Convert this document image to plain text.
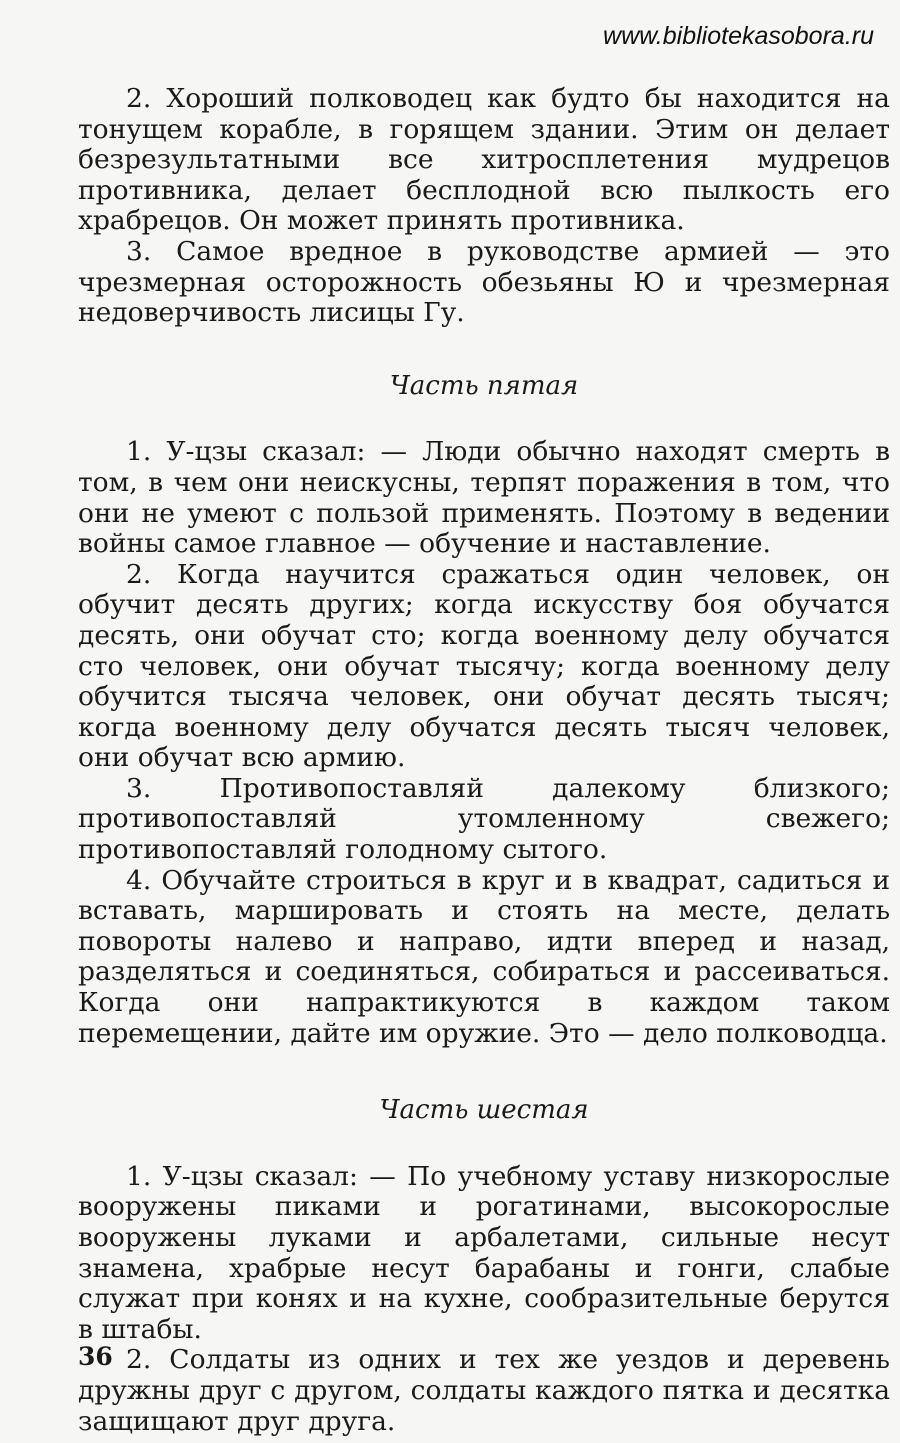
www.bibliotekasobora.ru

2. Хороший полководец как будто бы находится на тонущем корабле, в горящем здании. Этим он делает безрезультатными все хитросплетения мудрецов противника, делает бесплодной всю пылкость его храбрецов. Он может принять противника.

3. Самое вредное в руководстве армией — это чрезмерная осторожность обезьяны Ю и чрезмерная недоверчивость лисицы Гу.

Часть пятая

1. У-цзы сказал: — Люди обычно находят смерть в том, в чем они неискусны, терпят поражения в том, что они не умеют с пользой применять. Поэтому в ведении войны самое главное — обучение и наставление.

2. Когда научится сражаться один человек, он обучит десять других; когда искусству боя обучатся десять, они обучат сто; когда военному делу обучатся сто человек, они обучат тысячу; когда военному делу обучится тысяча человек, они обучат десять тысяч; когда военному делу обучатся десять тысяч человек, они обучат всю армию.

3. Противопоставляй далекому близкого; противопоставляй утомленному свежего; противопоставляй голодному сытого.

4. Обучайте строиться в круг и в квадрат, садиться и вставать, маршировать и стоять на месте, делать повороты налево и направо, идти вперед и назад, разделяться и соединяться, собираться и рассеиваться. Когда они напрактикуются в каждом таком перемещении, дайте им оружие. Это — дело полководца.

Часть шестая

1. У-цзы сказал: — По учебному уставу низкорослые вооружены пиками и рогатинами, высокорослые вооружены луками и арбалетами, сильные несут знамена, храбрые несут барабаны и гонги, слабые служат при конях и на кухне, сообразительные берутся в штабы.

2. Солдаты из одних и тех же уездов и деревень дружны друг с другом, солдаты каждого пятка и десятка защищают друг друга.

36
